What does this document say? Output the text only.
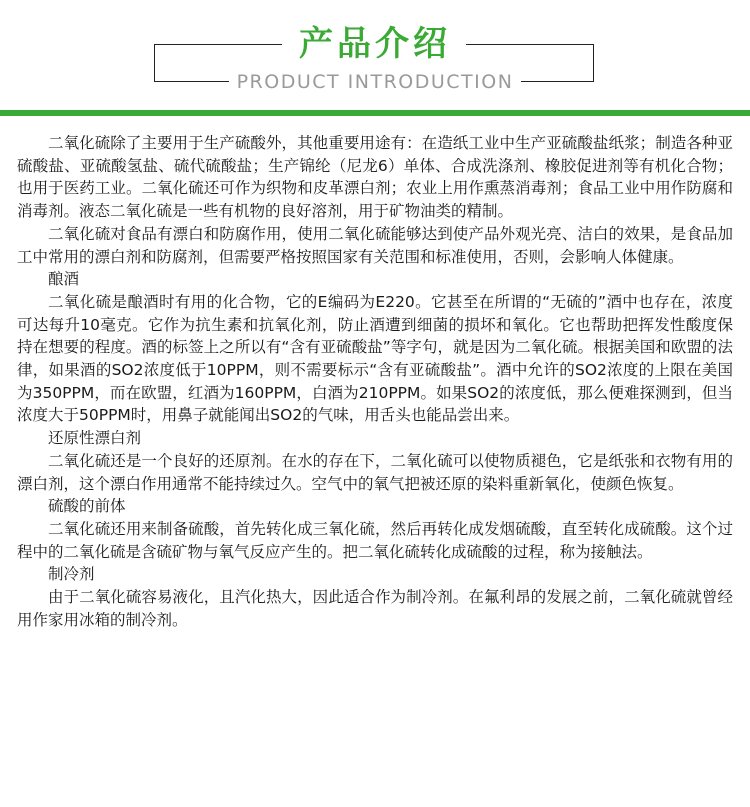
产品介绍
PRODUCT INTRODUCTION

二氧化硫除了主要用于生产硫酸外，其他重要用途有：在造纸工业中生产亚硫酸盐纸浆；制造各种亚硫酸盐、亚硫酸氢盐、硫代硫酸盐；生产锦纶（尼龙6）单体、合成洗涤剂、橡胶促进剂等有机化合物；也用于医药工业。二氧化硫还可作为织物和皮革漂白剂；农业上用作熏蒸消毒剂；食品工业中用作防腐和消毒剂。液态二氧化硫是一些有机物的良好溶剂，用于矿物油类的精制。

二氧化硫对食品有漂白和防腐作用，使用二氧化硫能够达到使产品外观光亮、洁白的效果，是食品加工中常用的漂白剂和防腐剂，但需要严格按照国家有关范围和标准使用，否则，会影响人体健康。

酿酒

二氧化硫是酿酒时有用的化合物，它的E编码为E220。它甚至在所谓的“无硫的”酒中也存在，浓度可达每升10毫克。它作为抗生素和抗氧化剂，防止酒遭到细菌的损坏和氧化。它也帮助把挥发性酸度保持在想要的程度。酒的标签上之所以有“含有亚硫酸盐”等字句，就是因为二氧化硫。根据美国和欧盟的法律，如果酒的SO2浓度低于10PPM，则不需要标示“含有亚硫酸盐”。酒中允许的SO2浓度的上限在美国为350PPM，而在欧盟，红酒为160PPM，白酒为210PPM。如果SO2的浓度低，那么便难探测到，但当浓度大于50PPM时，用鼻子就能闻出SO2的气味，用舌头也能品尝出来。

还原性漂白剂

二氧化硫还是一个良好的还原剂。在水的存在下，二氧化硫可以使物质褪色，它是纸张和衣物有用的漂白剂，这个漂白作用通常不能持续过久。空气中的氧气把被还原的染料重新氧化，使颜色恢复。

硫酸的前体

二氧化硫还用来制备硫酸，首先转化成三氧化硫，然后再转化成发烟硫酸，直至转化成硫酸。这个过程中的二氧化硫是含硫矿物与氧气反应产生的。把二氧化硫转化成硫酸的过程，称为接触法。

制冷剂

由于二氧化硫容易液化，且汽化热大，因此适合作为制冷剂。在氟利昂的发展之前，二氧化硫就曾经用作家用冰箱的制冷剂。
